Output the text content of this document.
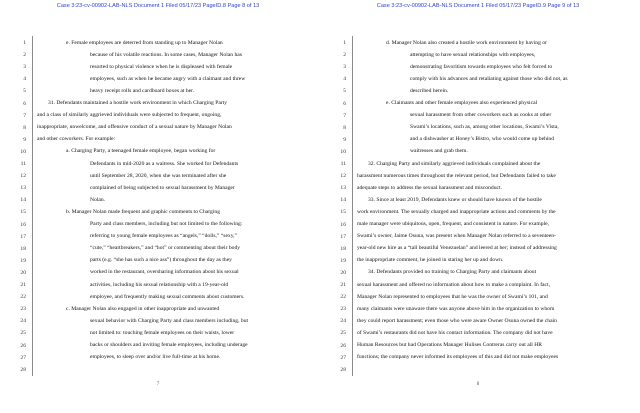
Case 3:23-cv-00902-LAB-NLS Document 1 Filed 05/17/23 PageID.8 Page 8 of 13
1	e. Female employees are deterred from standing up to Manager Nolan
2	because of his volatile reactions. In some cases, Manager Nolan has
3	resorted to physical violence when he is displeased with female
4	employees, such as when he became angry with a claimant and threw
5	heavy receipt rolls and cardboard boxes at her.
6	31. Defendants maintained a hostile work environment in which Charging Party
7 and a class of similarly aggrieved individuals were subjected to frequent, ongoing,
8 inappropriate, unwelcome, and offensive conduct of a sexual nature by Manager Nolan
9 and other coworkers. For example:
10	a. Charging Party, a teenaged female employee, began working for
11	Defendants in mid-2020 as a waitress. She worked for Defendants
12	until September 28, 2020, when she was terminated after she
13	complained of being subjected to sexual harassment by Manager
14	Nolan.
15	b. Manager Nolan made frequent and graphic comments to Charging
16	Party and class members, including but not limited to the following:
17	referring to young female employees as “angels,” “dolls,” “sexy,”
18	“cute,” “heartbreakers,” and “hot” or commenting about their body
19	parts (e.g. “she has such a nice ass”) throughout the day as they
20	worked in the restaurant, oversharing information about his sexual
21	activities, including his sexual relationship with a 19-year-old
22	employee, and frequently making sexual comments about customers.
23	c. Manager Nolan also engaged in other inappropriate and unwanted
24	sexual behavior with Charging Party and class members including, but
25	not limited to: touching female employees on their waists, lower
26	backs or shoulders and inviting female employees, including underage
27	employees, to sleep over and/or live full-time at his home.
28
7
Case 3:23-cv-00902-LAB-NLS Document 1 Filed 05/17/23 PageID.9 Page 9 of 13
1	d. Manager Nolan also created a hostile work environment by having or
2	attempting to have sexual relationships with employees,
3	demonstrating favoritism towards employees who felt forced to
4	comply with his advances and retaliating against those who did not, as
5	described herein.
6	e. Claimants and other female employees also experienced physical
7	sexual harassment from other coworkers such as cooks at other
8	Swami’s locations, such as, among other locations, Swami’s Vista,
9	and a dishwasher at Honey’s Bistro, who would come up behind
10	waitresses and grab them.
11	32. Charging Party and similarly aggrieved individuals complained about the
12 harassment numerous times throughout the relevant period, but Defendants failed to take
13 adequate steps to address the sexual harassment and misconduct.
14	33. Since at least 2019, Defendants knew or should have known of the hostile
15 work environment. The sexually charged and inappropriate actions and comments by the
16 male manager were ubiquitous, open, frequent, and consistent in nature. For example,
17 Swami’s owner, Jaime Osuna, was present when Manager Nolan referred to a seventeen-
18 year-old new hire as a “tall beautiful Venezuelan” and leered at her; instead of addressing
19 the inappropriate comment, he joined in staring her up and down.
20	34. Defendants provided no training to Charging Party and claimants about
21 sexual harassment and offered no information about how to make a complaint. In fact,
22 Manager Nolan represented to employees that he was the owner of Swami’s 101, and
23 many claimants were unaware there was anyone above him in the organization to whom
24 they could report harassment; even those who were aware Owner Osuna owned the chain
25 of Swami’s restaurants did not have his contact information. The company did not have
26 Human Resources but had Operations Manager Hulises Contreras carry out all HR
27 functions; the company never informed its employees of this and did not make employees
28
8
